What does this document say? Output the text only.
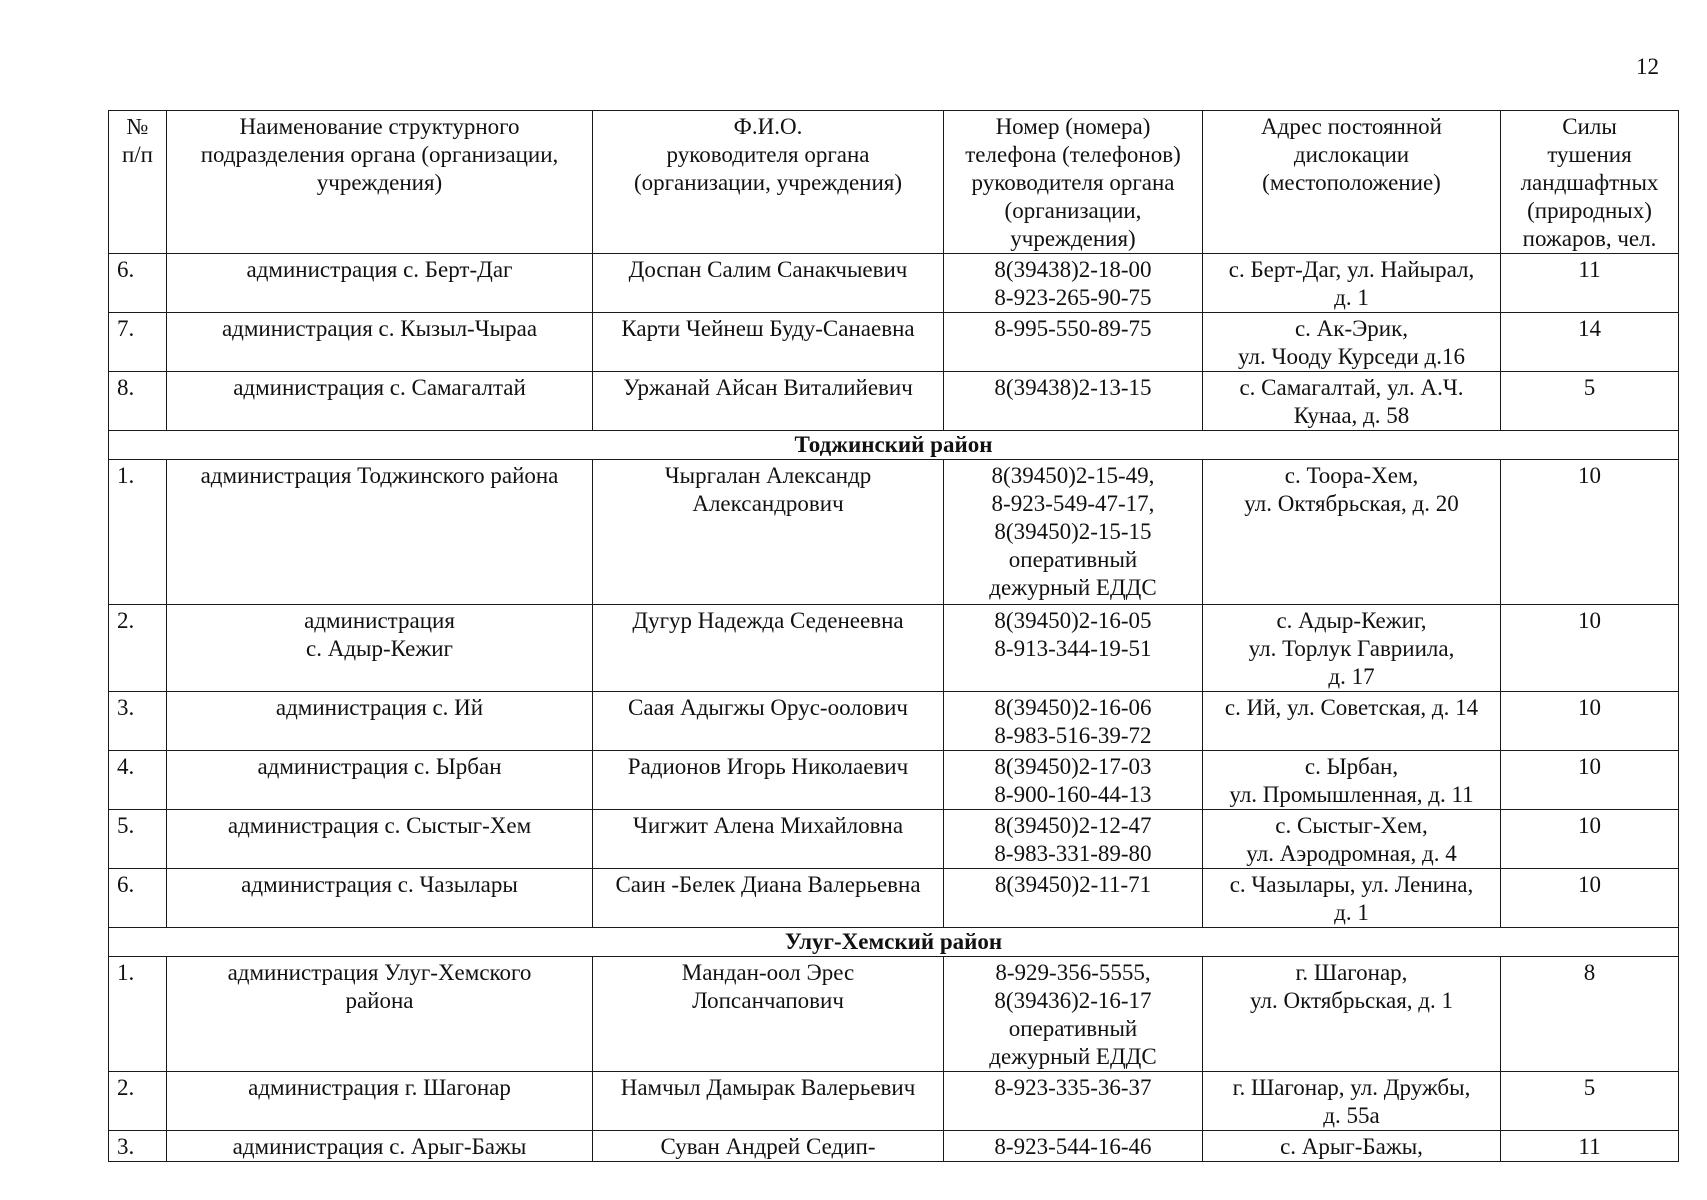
12
№
п/п	Наименование структурного
подразделения органа (организации,
учреждения)	Ф.И.О.
руководителя органа
(организации, учреждения)	Номер (номера)
телефона (телефонов)
руководителя органа
(организации,
учреждения)	Адрес постоянной
дислокации
(местоположение)	Силы
тушения
ландшафтных
(природных)
пожаров, чел.

6.	администрация с. Берт-Даг	Доспан Салим Санакчыевич	8(39438)2-18-00
8-923-265-90-75	с. Берт-Даг, ул. Найырал,
д. 1	11
7.	администрация с. Кызыл-Чыраа	Карти Чейнеш Буду-Санаевна	8-995-550-89-75	с. Ак-Эрик,
ул. Чооду Курседи д.16	14
8.	администрация с. Самагалтай	Уржанай Айсан Виталийевич	8(39438)2-13-15	с. Самагалтай, ул. А.Ч.
Кунаа, д. 58	5
Тоджинский район					
1.	администрация Тоджинского района	Чыргалан Александр
Александрович	8(39450)2-15-49,
8-923-549-47-17,
8(39450)2-15-15
оперативный
дежурный ЕДДС	с. Тоора-Хем,
ул. Октябрьская, д. 20	10
2.	администрация
с. Адыр-Кежиг	Дугур Надежда Седенеевна	8(39450)2-16-05
8-913-344-19-51	с. Адыр-Кежиг,
ул. Торлук Гавриила,
д. 17	10
3.	администрация с. Ий	Саая Адыгжы Орус-оолович	8(39450)2-16-06
8-983-516-39-72	с. Ий, ул. Советская, д. 14	10
4.	администрация с. Ырбан	Радионов Игорь Николаевич	8(39450)2-17-03
8-900-160-44-13	с. Ырбан,
ул. Промышленная, д. 11	10
5.	администрация с. Сыстыг-Хем	Чигжит Алена Михайловна	8(39450)2-12-47
8-983-331-89-80	с. Сыстыг-Хем,
ул. Аэродромная, д. 4	10
6.	администрация с. Чазылары	Саин -Белек Диана Валерьевна	8(39450)2-11-71	с. Чазылары, ул. Ленина,
д. 1	10
Улуг-Хемский район					
1.	администрация Улуг-Хемского
района	Мандан-оол Эрес
Лопсанчапович	8-929-356-5555,
8(39436)2-16-17
оперативный
дежурный ЕДДС	г. Шагонар,
ул. Октябрьская, д. 1	8
2.	администрация г. Шагонар	Намчыл Дамырак Валерьевич	8-923-335-36-37	г. Шагонар, ул. Дружбы,
д. 55а	5
3.	администрация с. Арыг-Бажы	Суван Андрей Седип-	8-923-544-16-46	с. Арыг-Бажы,	11
